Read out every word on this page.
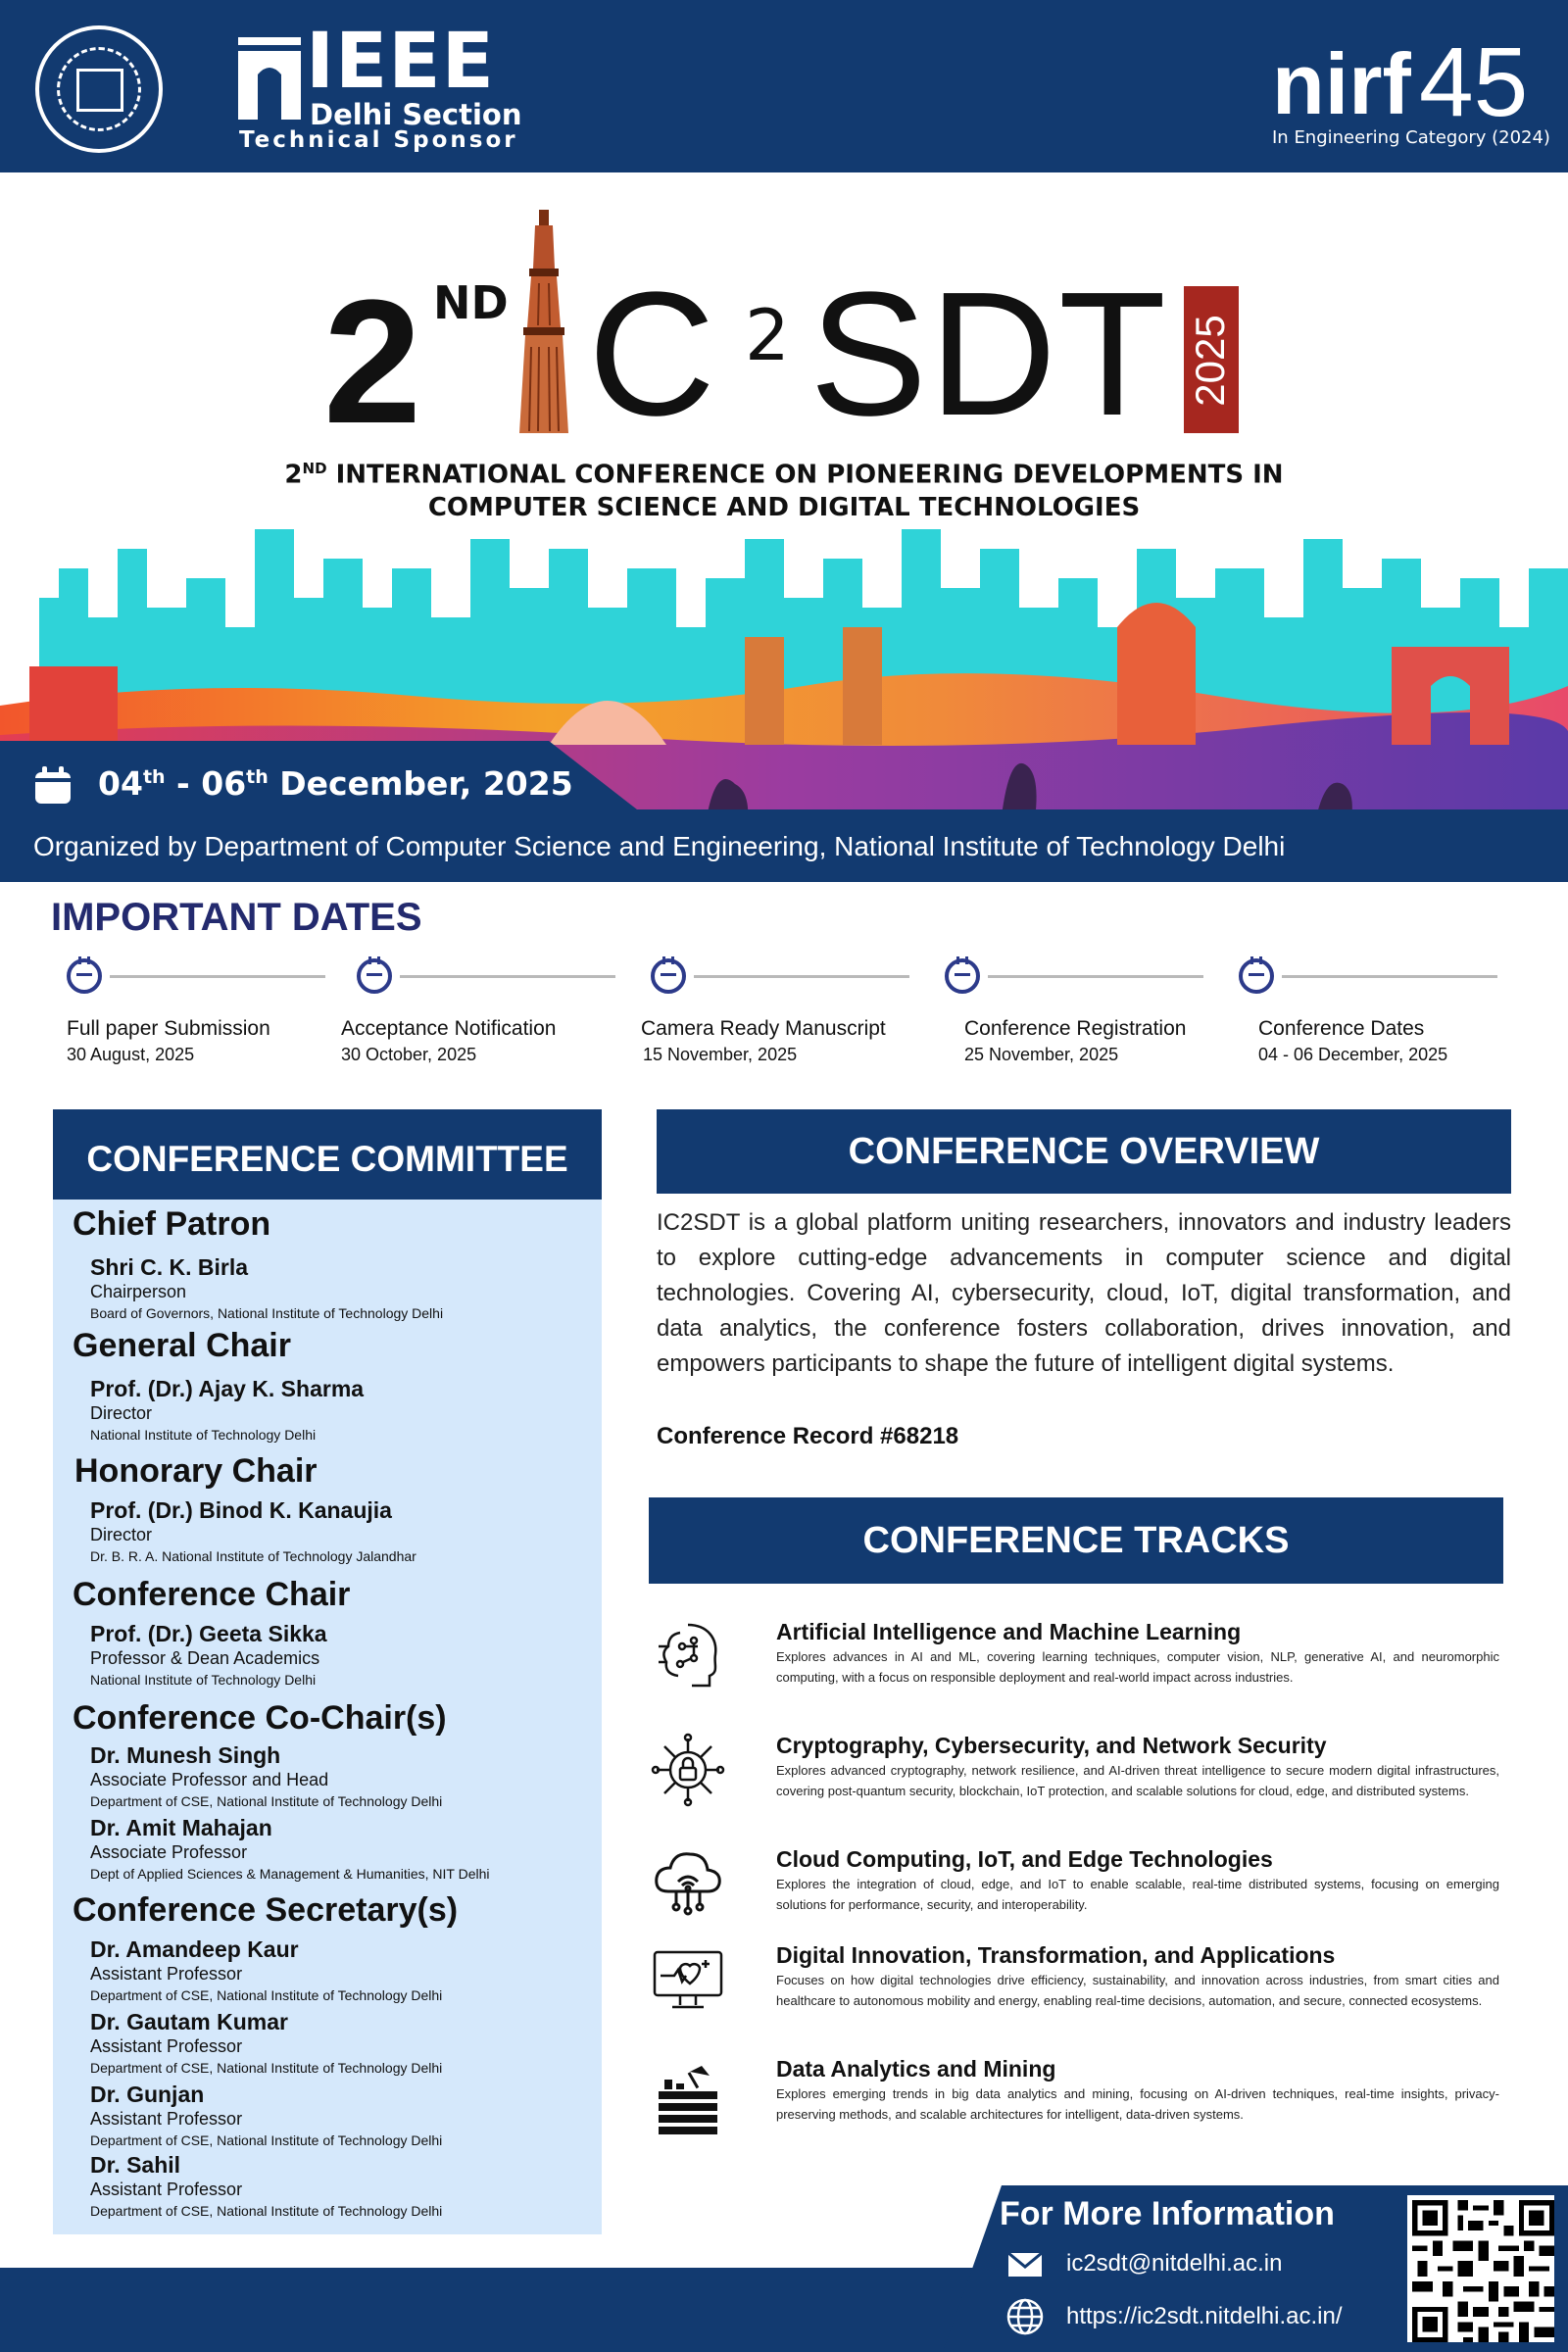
IEEE
Delhi Section
Technical Sponsor
nirf 45
In Engineering Category (2024)
2 ND C 2 SDT 2025
2ND INTERNATIONAL CONFERENCE ON PIONEERING DEVELOPMENTS IN
COMPUTER SCIENCE AND DIGITAL TECHNOLOGIES
04th - 06th December, 2025
Organized by Department of Computer Science and Engineering, National Institute of Technology Delhi
IMPORTANT DATES
Full paper Submission
30 August, 2025
Acceptance Notification
30 October, 2025
Camera Ready Manuscript
15 November, 2025
Conference Registration
25 November, 2025
Conference Dates
04 - 06 December, 2025
CONFERENCE COMMITTEE
Chief Patron
Shri C. K. Birla
Chairperson
Board of Governors, National Institute of Technology Delhi
General Chair
Prof. (Dr.) Ajay K. Sharma
Director
National Institute of Technology Delhi
Honorary Chair
Prof. (Dr.) Binod K. Kanaujia
Director
Dr. B. R. A. National Institute of Technology Jalandhar
Conference Chair
Prof. (Dr.) Geeta Sikka
Professor & Dean Academics
National Institute of Technology Delhi
Conference Co-Chair(s)
Dr. Munesh Singh
Associate Professor and Head
Department of CSE, National Institute of Technology Delhi
Dr. Amit Mahajan
Associate Professor
Dept of Applied Sciences & Management & Humanities, NIT Delhi
Conference Secretary(s)
Dr. Amandeep Kaur
Assistant Professor
Department of CSE, National Institute of Technology Delhi
Dr. Gautam Kumar
Assistant Professor
Department of CSE, National Institute of Technology Delhi
Dr. Gunjan
Assistant Professor
Department of CSE, National Institute of Technology Delhi
Dr. Sahil
Assistant Professor
Department of CSE, National Institute of Technology Delhi
CONFERENCE OVERVIEW
IC2SDT is a global platform uniting researchers, innovators and industry leaders to explore cutting-edge advancements in computer science and digital technologies. Covering AI, cybersecurity, cloud, IoT, digital transformation, and data analytics, the conference fosters collaboration, drives innovation, and empowers participants to shape the future of intelligent digital systems.
Conference Record #68218
CONFERENCE TRACKS
Artificial Intelligence and Machine Learning
Explores advances in AI and ML, covering learning techniques, computer vision, NLP, generative AI, and neuromorphic computing, with a focus on responsible deployment and real-world impact across industries.
Cryptography, Cybersecurity, and Network Security
Explores advanced cryptography, network resilience, and AI-driven threat intelligence to secure modern digital infrastructures, covering post-quantum security, blockchain, IoT protection, and scalable solutions for cloud, edge, and distributed systems.
Cloud Computing, IoT, and Edge Technologies
Explores the integration of cloud, edge, and IoT to enable scalable, real-time distributed systems, focusing on emerging solutions for performance, security, and interoperability.
Digital Innovation, Transformation, and Applications
Focuses on how digital technologies drive efficiency, sustainability, and innovation across industries, from smart cities and healthcare to autonomous mobility and energy, enabling real-time decisions, automation, and secure, connected ecosystems.
Data Analytics and Mining
Explores emerging trends in big data analytics and mining, focusing on AI-driven techniques, real-time insights, privacy-preserving methods, and scalable architectures for intelligent, data-driven systems.
For More Information
ic2sdt@nitdelhi.ac.in
https://ic2sdt.nitdelhi.ac.in/
